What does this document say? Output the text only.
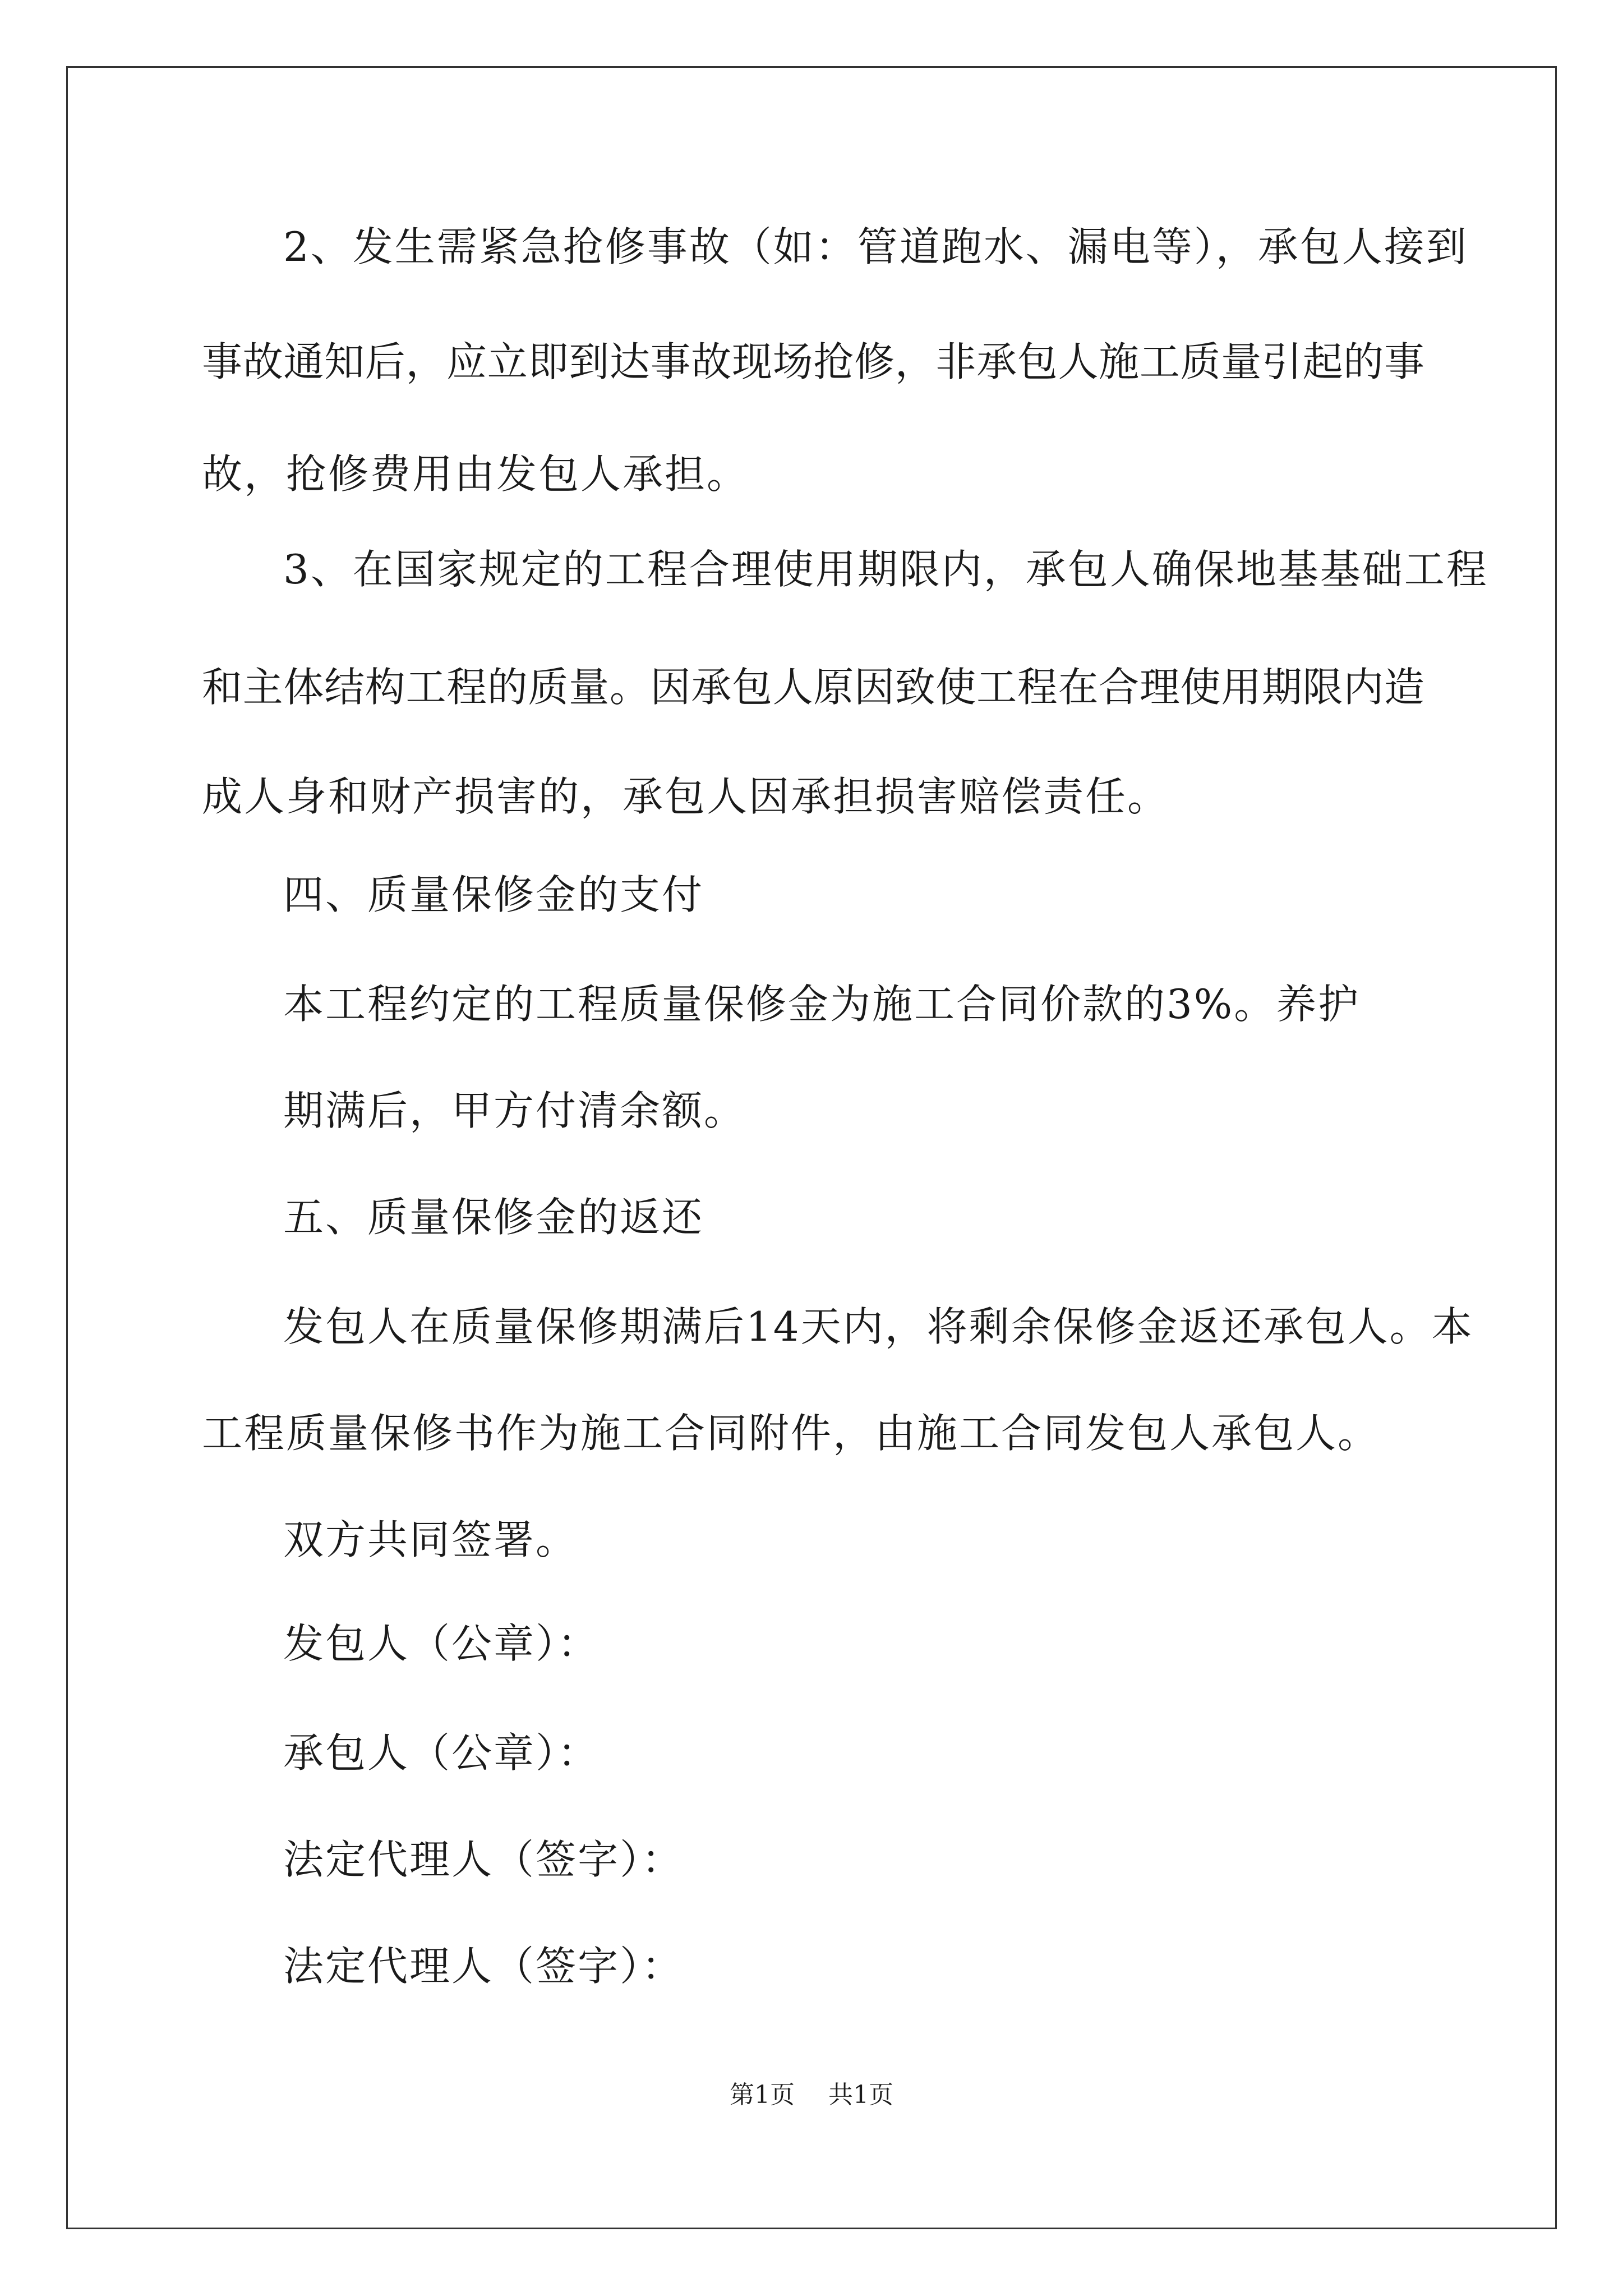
2、发生需紧急抢修事故（如：管道跑水、漏电等），承包人接到
事故通知后，应立即到达事故现场抢修，非承包人施工质量引起的事
故，抢修费用由发包人承担。
3、在国家规定的工程合理使用期限内，承包人确保地基基础工程
和主体结构工程的质量。因承包人原因致使工程在合理使用期限内造
成人身和财产损害的，承包人因承担损害赔偿责任。
四、质量保修金的支付
本工程约定的工程质量保修金为施工合同价款的3%。养护
期满后，甲方付清余额。
五、质量保修金的返还
发包人在质量保修期满后14天内，将剩余保修金返还承包人。本
工程质量保修书作为施工合同附件，由施工合同发包人承包人。
双方共同签署。
发包人（公章）：
承包人（公章）：
法定代理人（签字）：
法定代理人（签字）：
第1页 共1页
